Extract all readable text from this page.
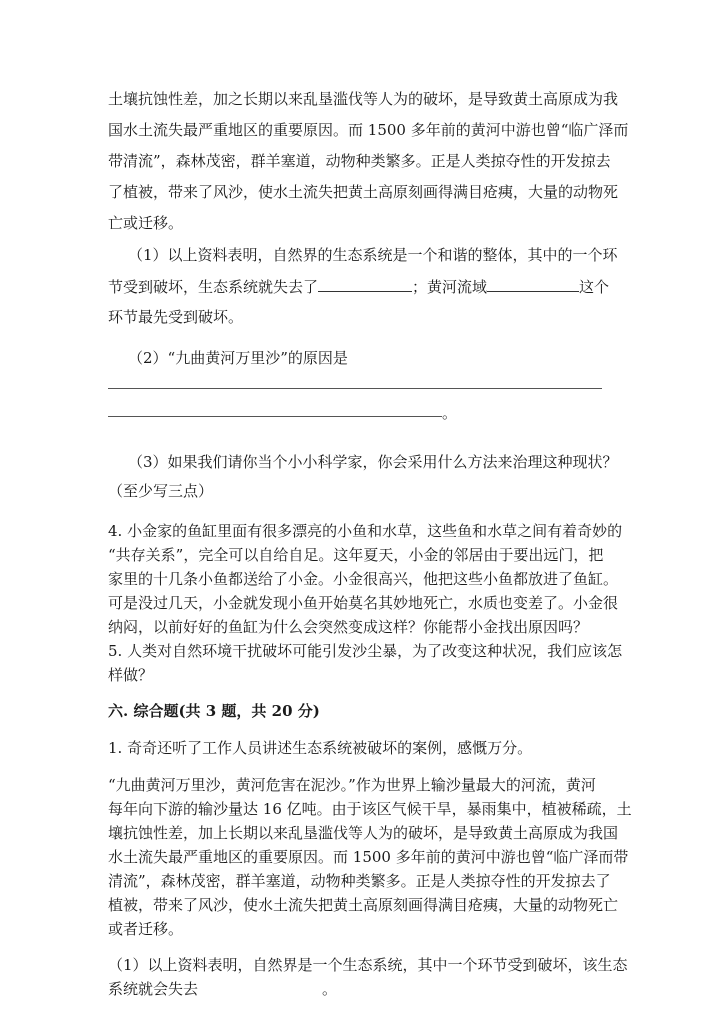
土壤抗蚀性差，加之长期以来乱垦滥伐等人为的破坏，是导致黄土高原成为我
国水土流失最严重地区的重要原因。而 1500 多年前的黄河中游也曾“临广泽而
带清流”，森林茂密，群羊塞道，动物种类繁多。正是人类掠夺性的开发掠去
了植被，带来了风沙，使水土流失把黄土高原刻画得满目疮痍，大量的动物死
亡或迁移。
（1）以上资料表明，自然界的生态系统是一个和谐的整体，其中的一个环
节受到破坏，生态系统就失去了	；黄河流域	这个
环节最先受到破坏。
（2）“九曲黄河万里沙”的原因是
。
（3）如果我们请你当个小小科学家，你会采用什么方法来治理这种现状？
（至少写三点）
4. 小金家的鱼缸里面有很多漂亮的小鱼和水草，这些鱼和水草之间有着奇妙的
“共存关系”，完全可以自给自足。这年夏天，小金的邻居由于要出远门，把
家里的十几条小鱼都送给了小金。小金很高兴，他把这些小鱼都放进了鱼缸。
可是没过几天，小金就发现小鱼开始莫名其妙地死亡，水质也变差了。小金很
纳闷，以前好好的鱼缸为什么会突然变成这样？你能帮小金找出原因吗？
5. 人类对自然环境干扰破坏可能引发沙尘暴，为了改变这种状况，我们应该怎
样做？
六. 综合题(共 3 题，共 20 分)
1. 奇奇还听了工作人员讲述生态系统被破坏的案例，感慨万分。
“九曲黄河万里沙，黄河危害在泥沙。”作为世界上输沙量最大的河流，黄河
每年向下游的输沙量达 16 亿吨。由于该区气候干旱，暴雨集中，植被稀疏，土
壤抗蚀性差，加上长期以来乱垦滥伐等人为的破坏，是导致黄土高原成为我国
水土流失最严重地区的重要原因。而 1500 多年前的黄河中游也曾“临广泽而带
清流”，森林茂密，群羊塞道，动物种类繁多。正是人类掠夺性的开发掠去了
植被，带来了风沙，使水土流失把黄土高原刻画得满目疮痍，大量的动物死亡
或者迁移。
（1）以上资料表明，自然界是一个生态系统，其中一个环节受到破坏，该生态
系统就会失去	。
